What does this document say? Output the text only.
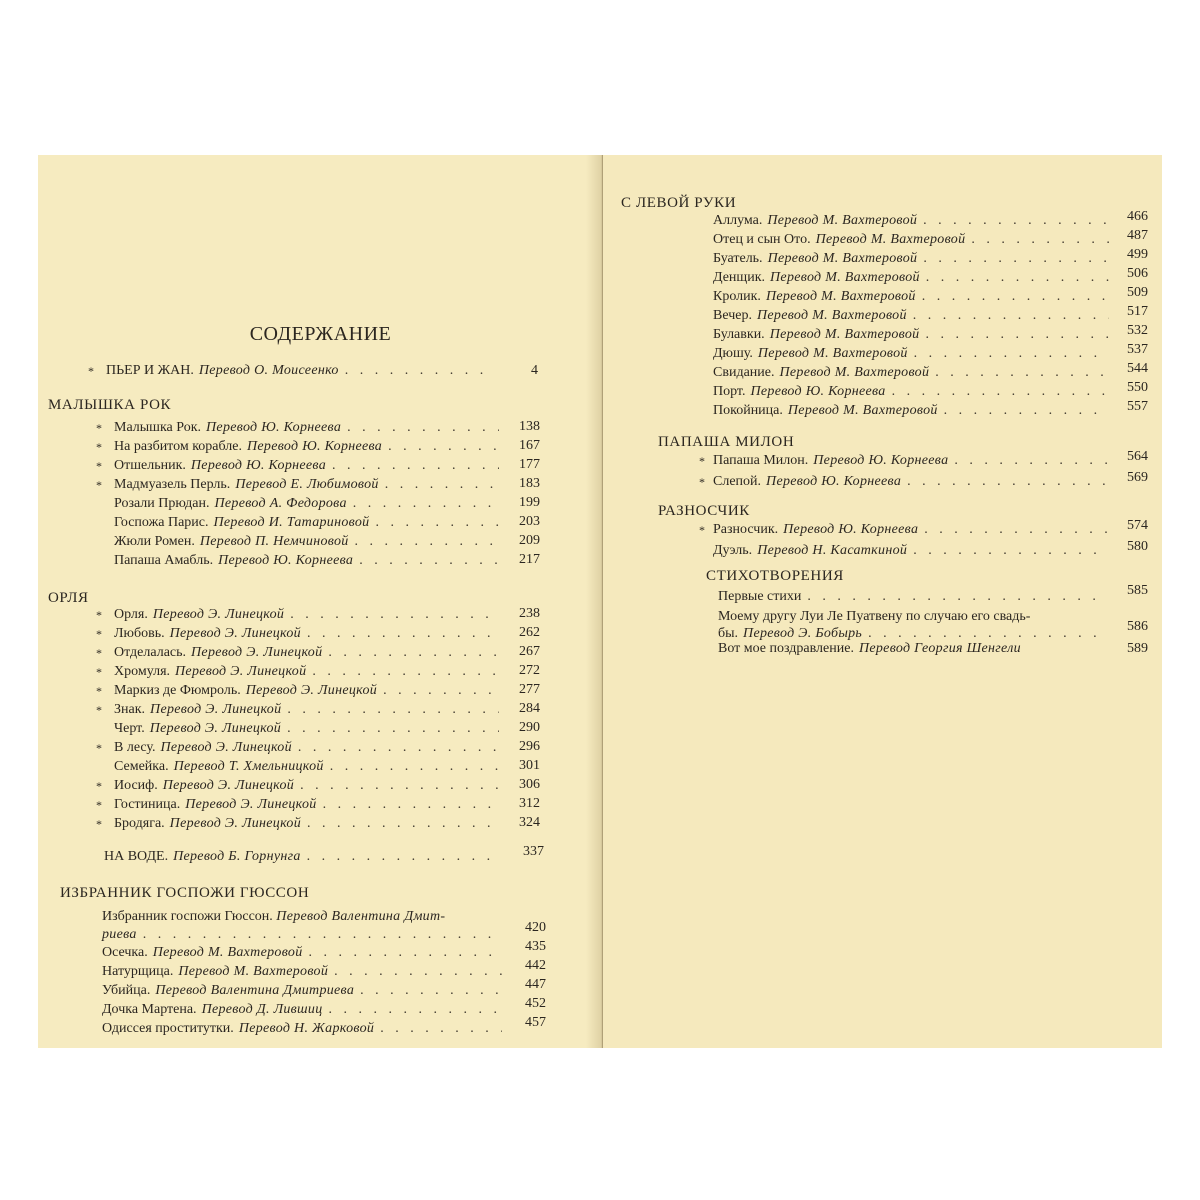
СОДЕРЖАНИЕ
* ПЬЕР И ЖАН. Перевод О. Моисеенко . . .	4
МАЛЫШКА РОК
* Малышка Рок. Перевод Ю. Корнеева . . .	138
* На разбитом корабле. Перевод Ю. Корнеева . . .	167
* Отшельник. Перевод Ю. Корнеева . . .	177
* Мадмуазель Перль. Перевод Е. Любимовой . . .	183
Розали Прюдан. Перевод А. Федорова . . .	199
Госпожа Парис. Перевод И. Татариновой . . .	203
Жюли Ромен. Перевод П. Немчиновой . . .	209
Папаша Амабль. Перевод Ю. Корнеева . . .	217
ОРЛЯ
* Орля. Перевод Э. Линецкой . . .	238
* Любовь. Перевод Э. Линецкой . . .	262
* Отделалась. Перевод Э. Линецкой . . .	267
* Хромуля. Перевод Э. Линецкой . . .	272
* Маркиз де Фюмроль. Перевод Э. Линецкой . . .	277
* Знак. Перевод Э. Линецкой . . .	284
Черт. Перевод Э. Линецкой . . .	290
* В лесу. Перевод Э. Линецкой . . .	296
Семейка. Перевод Т. Хмельницкой . . .	301
* Иосиф. Перевод Э. Линецкой . . .	306
* Гостиница. Перевод Э. Линецкой . . .	312
* Бродяга. Перевод Э. Линецкой . . .	324
НА ВОДЕ. Перевод Б. Горнунга . . .	337
ИЗБРАННИК ГОСПОЖИ ГЮССОН
Избранник госпожи Гюссон. Перевод Валентина Дмит-
риева . . .	420
Осечка. Перевод М. Вахтеровой . . .	435
Натурщица. Перевод М. Вахтеровой . . .	442
Убийца. Перевод Валентина Дмитриева . . .	447
Дочка Мартена. Перевод Д. Лившиц . . .	452
Одиссея проститутки. Перевод Н. Жарковой . . .	457
С ЛЕВОЙ РУКИ
Аллума. Перевод М. Вахтеровой . . .	466
Отец и сын Ото. Перевод М. Вахтеровой . . .	487
Буатель. Перевод М. Вахтеровой . . .	499
Денщик. Перевод М. Вахтеровой . . .	506
Кролик. Перевод М. Вахтеровой . . .	509
Вечер. Перевод М. Вахтеровой . . .	517
Булавки. Перевод М. Вахтеровой . . .	532
Дюшу. Перевод М. Вахтеровой . . .	537
Свидание. Перевод М. Вахтеровой . . .	544
Порт. Перевод Ю. Корнеева . . .	550
Покойница. Перевод М. Вахтеровой . . .	557
ПАПАША МИЛОН
* Папаша Милон. Перевод Ю. Корнеева . . .	564
* Слепой. Перевод Ю. Корнеева . . .	569
РАЗНОСЧИК
* Разносчик. Перевод Ю. Корнеева . . .	574
Дуэль. Перевод Н. Касаткиной . . .	580
СТИХОТВОРЕНИЯ
Первые стихи . . .	585
Моему другу Луи Ле Пуатвену по случаю его свадь-
бы. Перевод Э. Бобырь . . .	586
Вот мое поздравление. Перевод Георгия Шенгели	589
